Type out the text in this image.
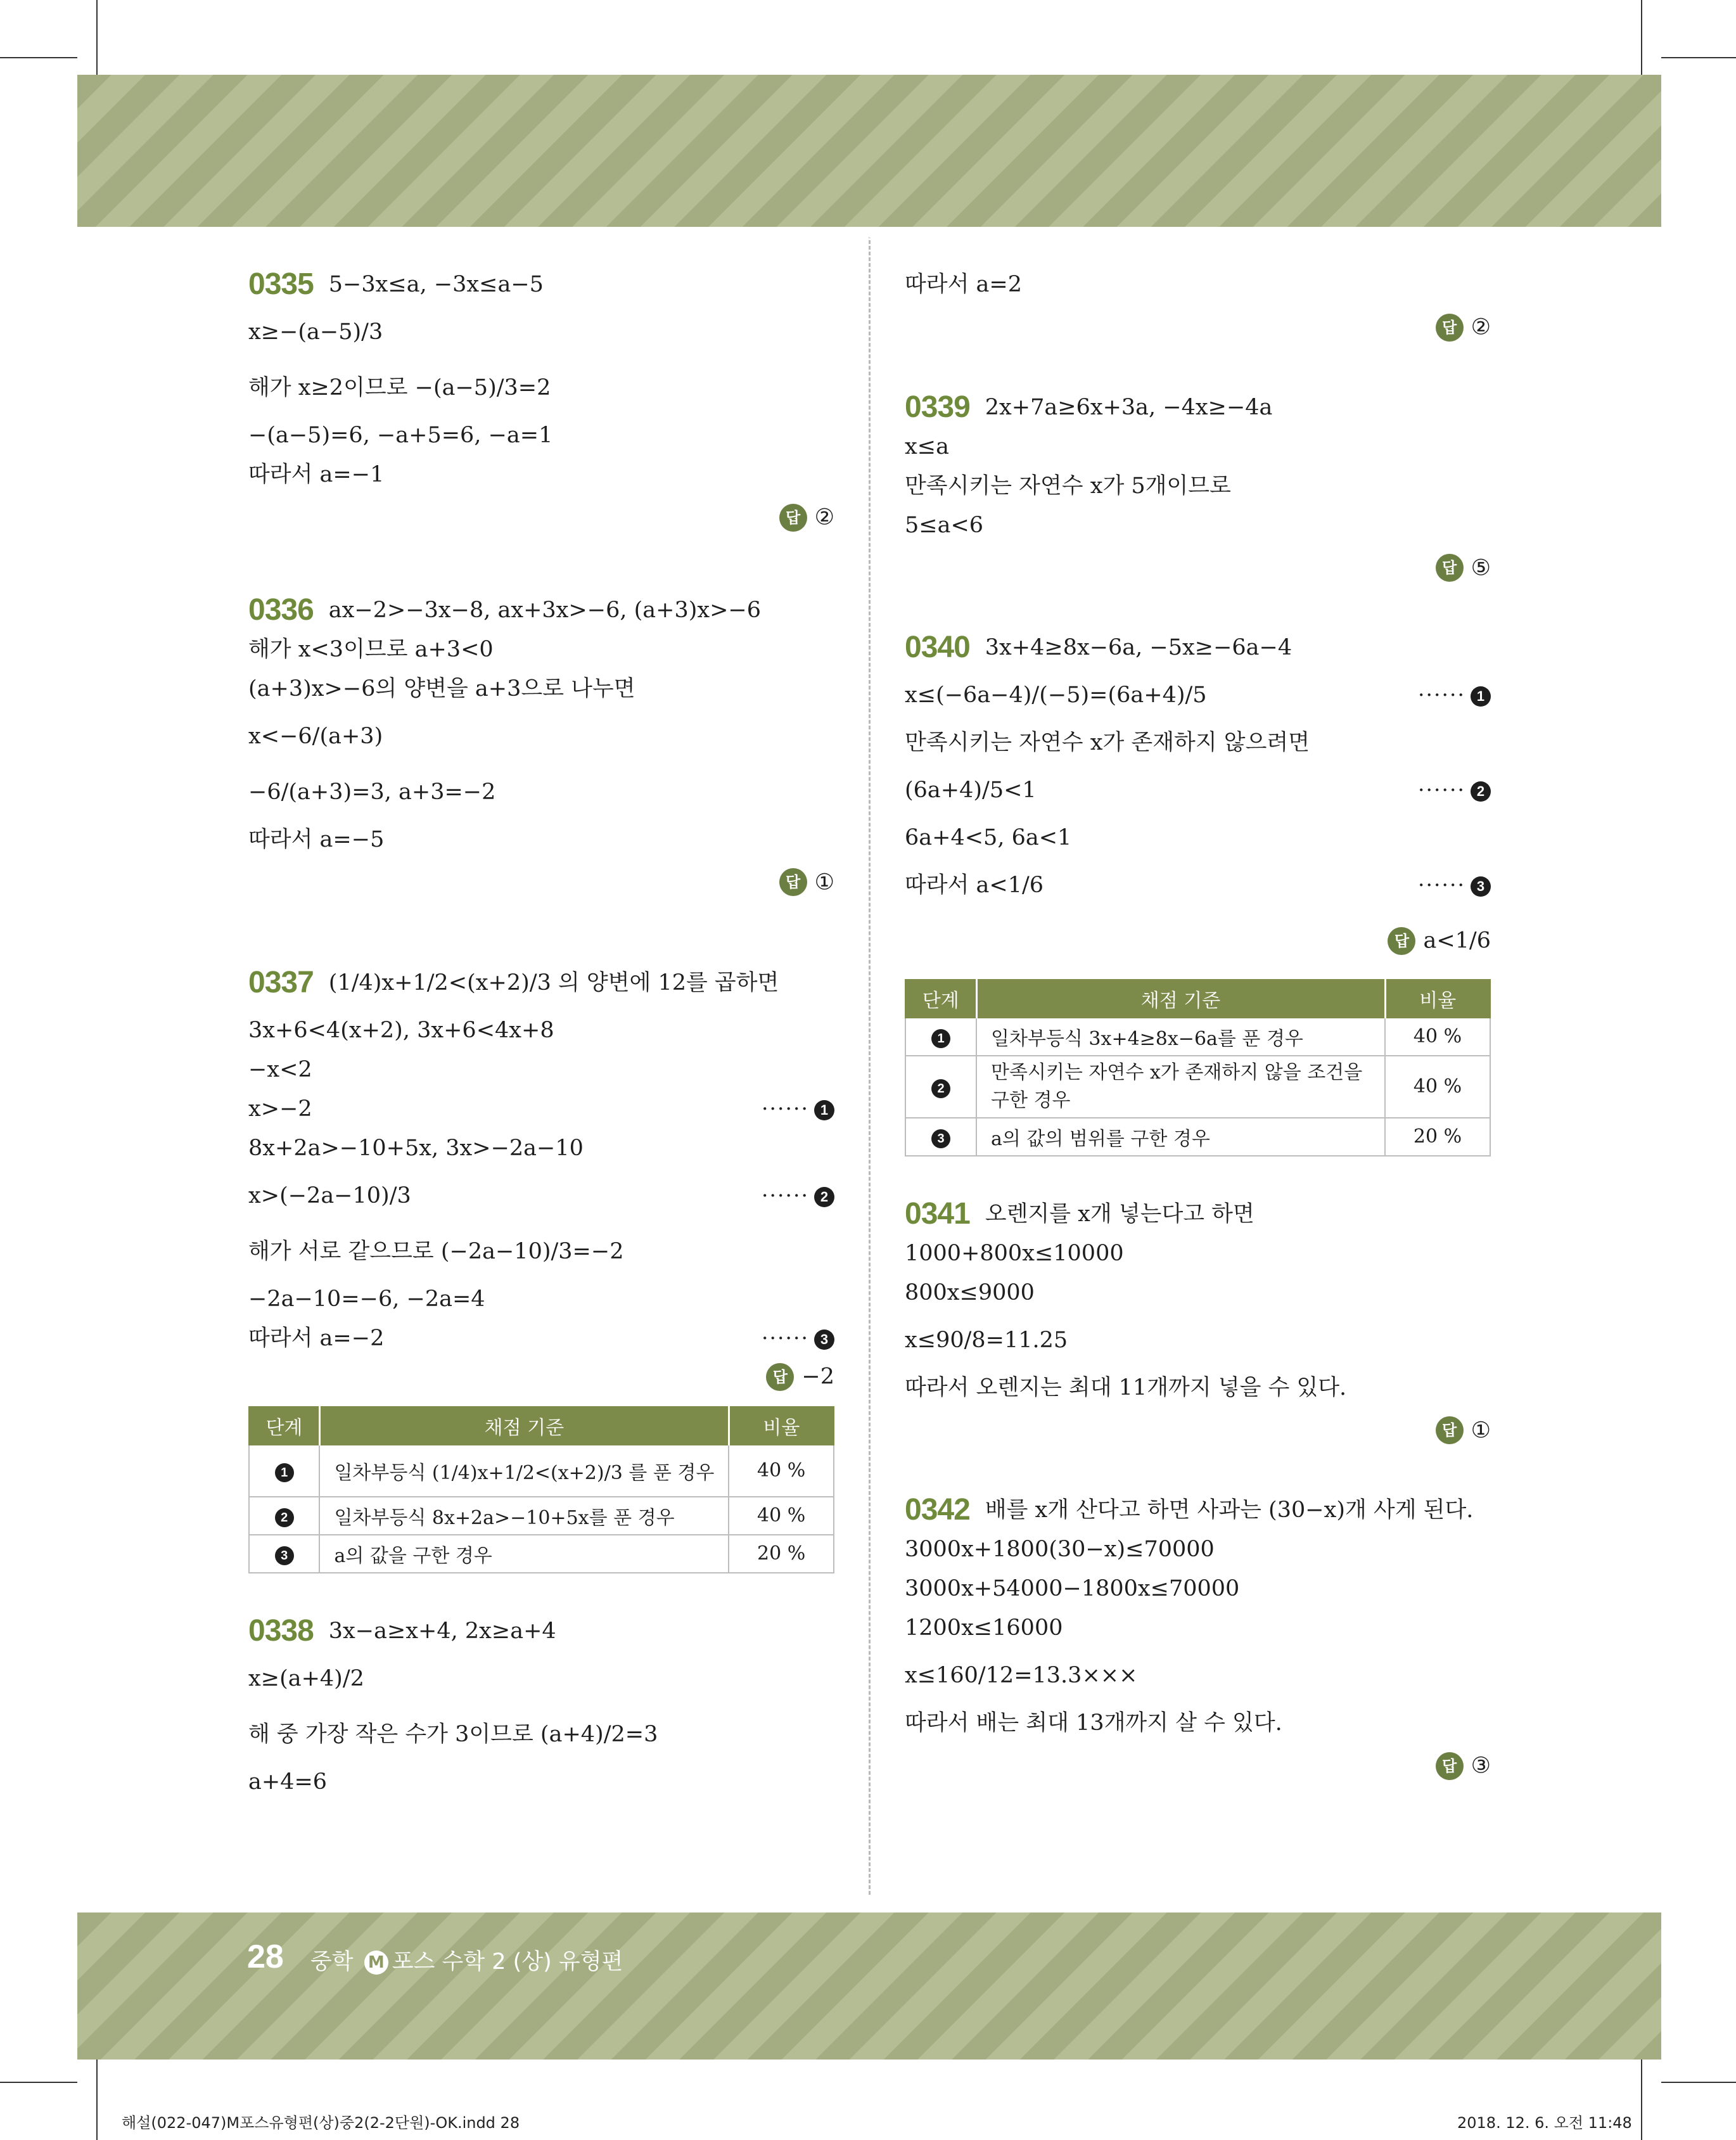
0335 5−3x≤a, −3x≤a−5
x≥−(a−5)/3
해가 x≥2이므로 −(a−5)/3=2
−(a−5)=6, −a+5=6, −a=1
따라서 a=−1
답 ②
0336 ax−2>−3x−8, ax+3x>−6, (a+3)x>−6
해가 x<3이므로 a+3<0
(a+3)x>−6의 양변을 a+3으로 나누면
x<−6/(a+3)
−6/(a+3)=3, a+3=−2
따라서 a=−5
답 ①
0337 (1/4)x+1/2<(x+2)/3 의 양변에 12를 곱하면
3x+6<4(x+2), 3x+6<4x+8
−x<2
x>−2	······ 1
8x+2a>−10+5x, 3x>−2a−10
x>(−2a−10)/3	······ 2
해가 서로 같으므로 (−2a−10)/3=−2
−2a−10=−6, −2a=4
따라서 a=−2	······ 3
답 −2
단계	채점 기준	비율
1	일차부등식 (1/4)x+1/2<(x+2)/3 를 푼 경우	40 %
2	일차부등식 8x+2a>−10+5x를 푼 경우	40 %
3	a의 값을 구한 경우	20 %
0338 3x−a≥x+4, 2x≥a+4
x≥(a+4)/2
해 중 가장 작은 수가 3이므로 (a+4)/2=3
a+4=6
따라서 a=2
답 ②
0339 2x+7a≥6x+3a, −4x≥−4a
x≤a
만족시키는 자연수 x가 5개이므로
5≤a<6
답 ⑤
0340 3x+4≥8x−6a, −5x≥−6a−4
x≤(−6a−4)/(−5)=(6a+4)/5	······ 1
만족시키는 자연수 x가 존재하지 않으려면
(6a+4)/5<1	······ 2
6a+4<5, 6a<1
따라서 a<1/6	······ 3
답 a<1/6
단계	채점 기준	비율
1	일차부등식 3x+4≥8x−6a를 푼 경우	40 %
2	만족시키는 자연수 x가 존재하지 않을 조건을 구한 경우	40 %
3	a의 값의 범위를 구한 경우	20 %
0341 오렌지를 x개 넣는다고 하면
1000+800x≤10000
800x≤9000
x≤90/8=11.25
따라서 오렌지는 최대 11개까지 넣을 수 있다.
답 ①
0342 배를 x개 산다고 하면 사과는 (30−x)개 사게 된다.
3000x+1800(30−x)≤70000
3000x+54000−1800x≤70000
1200x≤16000
x≤160/12=13.3×××
따라서 배는 최대 13개까지 살 수 있다.
답 ③
28 중학 M 포스 수학 2 (상) 유형편
해설(022-047)M포스유형편(상)중2(2-2단원)-OK.indd 28	2018. 12. 6. 오전 11:48
